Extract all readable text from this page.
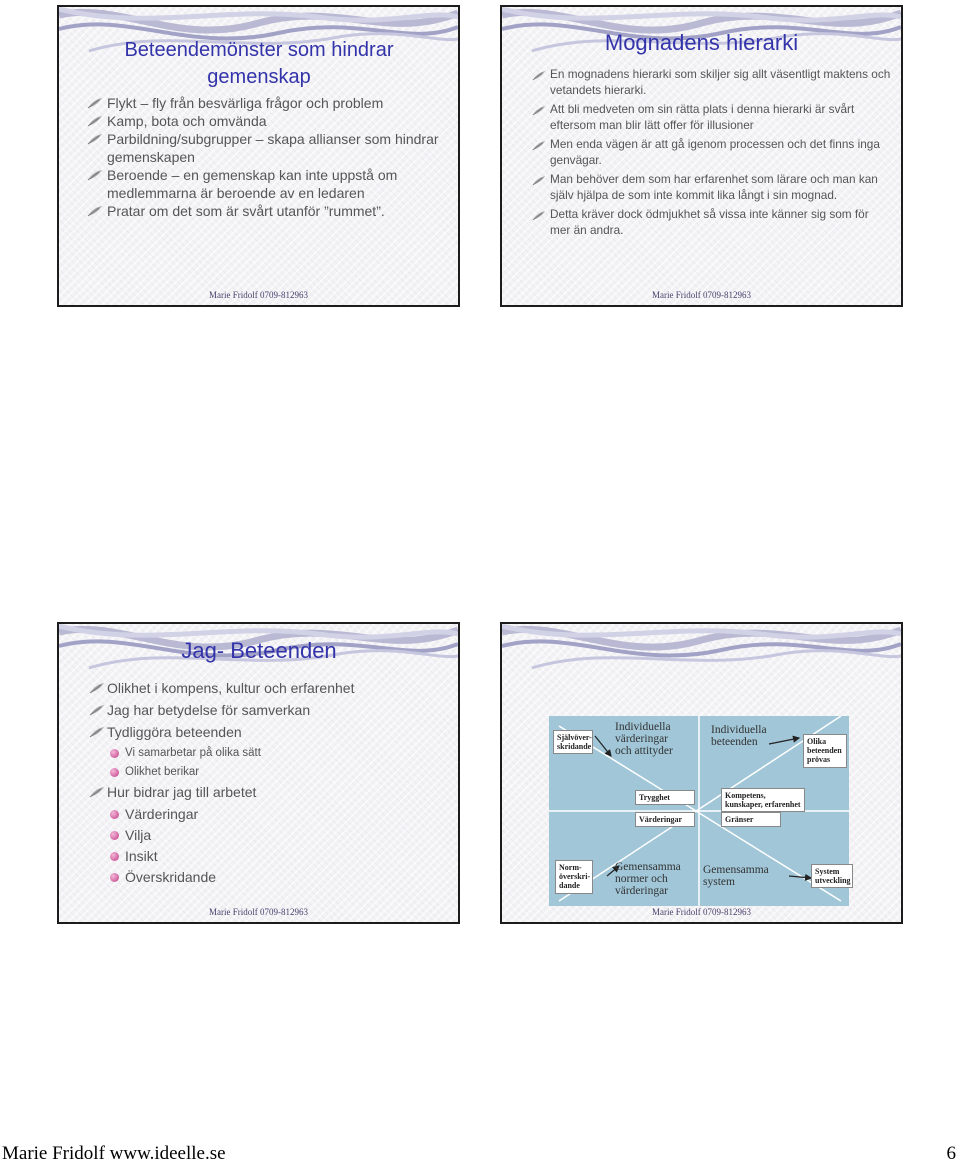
Beteendemönster som hindrar gemenskap
Flykt – fly från besvärliga frågor och problem
Kamp, bota och omvända
Parbildning/subgrupper – skapa allianser som hindrar gemenskapen
Beroende – en gemenskap kan inte uppstå om medlemmarna är beroende av en ledaren
Pratar om det som är svårt utanför ”rummet”.
Marie Fridolf 0709-812963
Mognadens hierarki
En mognadens hierarki som skiljer sig allt väsentligt maktens och vetandets hierarki.
Att bli medveten om sin rätta plats i denna hierarki är svårt eftersom man blir lätt offer för illusioner
Men enda vägen är att gå igenom processen och det finns inga genvägar.
Man behöver dem som har erfarenhet som lärare och man kan själv hjälpa de som inte kommit lika långt i sin mognad.
Detta kräver dock ödmjukhet så vissa inte känner sig som för mer än andra.
Marie Fridolf 0709-812963
Jag- Beteenden
Olikhet i kompens, kultur och erfarenhet
Jag har betydelse för samverkan
Tydliggöra beteenden
Vi samarbetar på olika sätt
Olikhet berikar
Hur bidrar jag till arbetet
Värderingar
Vilja
Insikt
Överskridande
Marie Fridolf 0709-812963
Självöver-skridande
Individuella värderingar och attityder
Individuella beteenden	Olika beteenden prövas
Trygghet	Kompetens, kunskaper, erfarenhet
Värderingar	Gränser
Norm-överskri-dande
Gemensamma normer och värderingar
Gemensamma system
System utveckling
Marie Fridolf 0709-812963
Marie Fridolf www.ideelle.se	6
